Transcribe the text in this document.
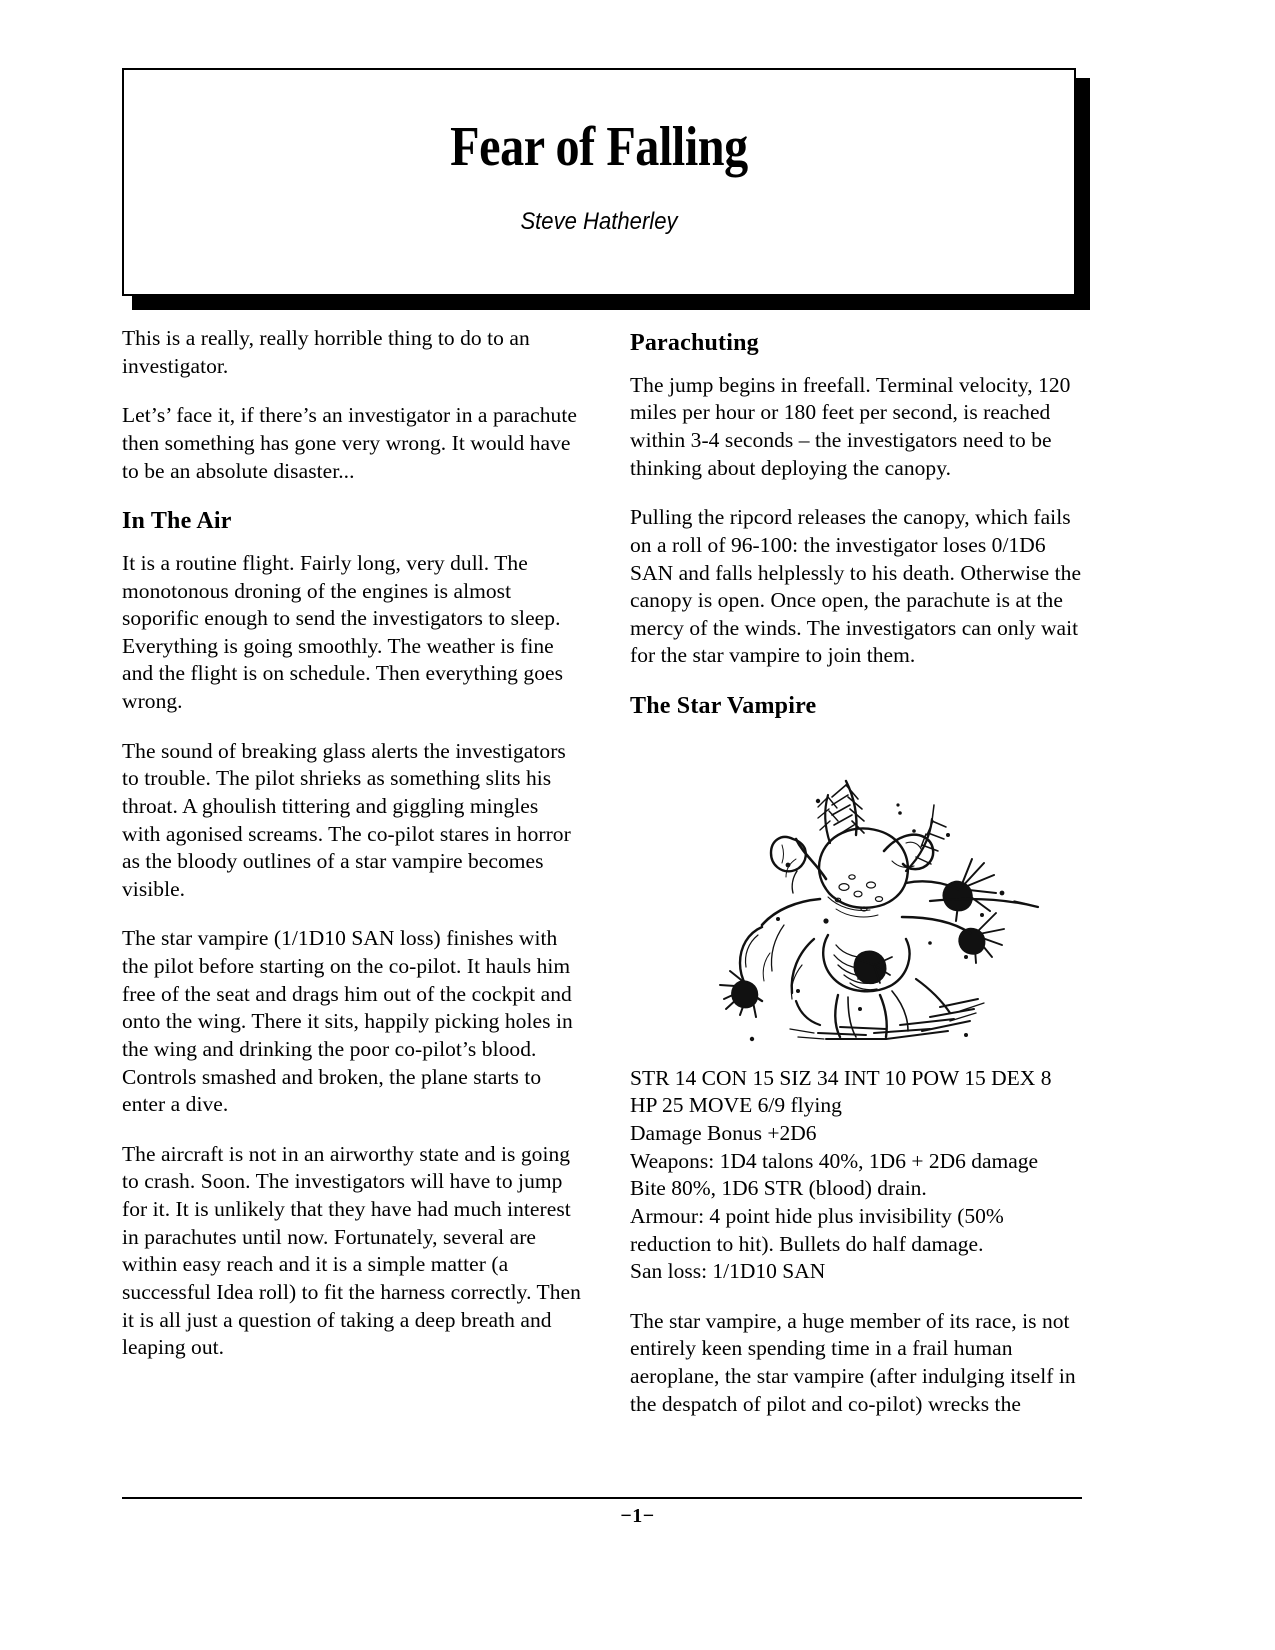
Fear of Falling
Steve Hatherley

This is a really, really horrible thing to do to an investigator.

Let’s’ face it, if there’s an investigator in a parachute then something has gone very wrong. It would have to be an absolute disaster...

In The Air

It is a routine flight. Fairly long, very dull. The monotonous droning of the engines is almost soporific enough to send the investigators to sleep. Everything is going smoothly. The weather is fine and the flight is on schedule. Then everything goes wrong.

The sound of breaking glass alerts the investigators to trouble. The pilot shrieks as something slits his throat. A ghoulish tittering and giggling mingles with agonised screams. The co-pilot stares in horror as the bloody outlines of a star vampire becomes visible.

The star vampire (1/1D10 SAN loss) finishes with the pilot before starting on the co-pilot. It hauls him free of the seat and drags him out of the cockpit and onto the wing. There it sits, happily picking holes in the wing and drinking the poor co-pilot’s blood. Controls smashed and broken, the plane starts to enter a dive.

The aircraft is not in an airworthy state and is going to crash. Soon. The investigators will have to jump for it. It is unlikely that they have had much interest in parachutes until now. Fortunately, several are within easy reach and it is a simple matter (a successful Idea roll) to fit the harness correctly. Then it is all just a question of taking a deep breath and leaping out.

Parachuting

The jump begins in freefall. Terminal velocity, 120 miles per hour or 180 feet per second, is reached within 3-4 seconds – the investigators need to be thinking about deploying the canopy.

Pulling the ripcord releases the canopy, which fails on a roll of 96-100: the investigator loses 0/1D6 SAN and falls helplessly to his death. Otherwise the canopy is open. Once open, the parachute is at the mercy of the winds. The investigators can only wait for the star vampire to join them.

The Star Vampire
STR 14 CON 15 SIZ 34 INT 10 POW 15 DEX 8
HP 25 MOVE 6/9 flying
Damage Bonus +2D6
Weapons: 1D4 talons 40%, 1D6 + 2D6 damage
Bite 80%, 1D6 STR (blood) drain.
Armour: 4 point hide plus invisibility (50% reduction to hit). Bullets do half damage.
San loss: 1/1D10 SAN

The star vampire, a huge member of its race, is not entirely keen spending time in a frail human aeroplane, the star vampire (after indulging itself in the despatch of pilot and co-pilot) wrecks the

−1−
